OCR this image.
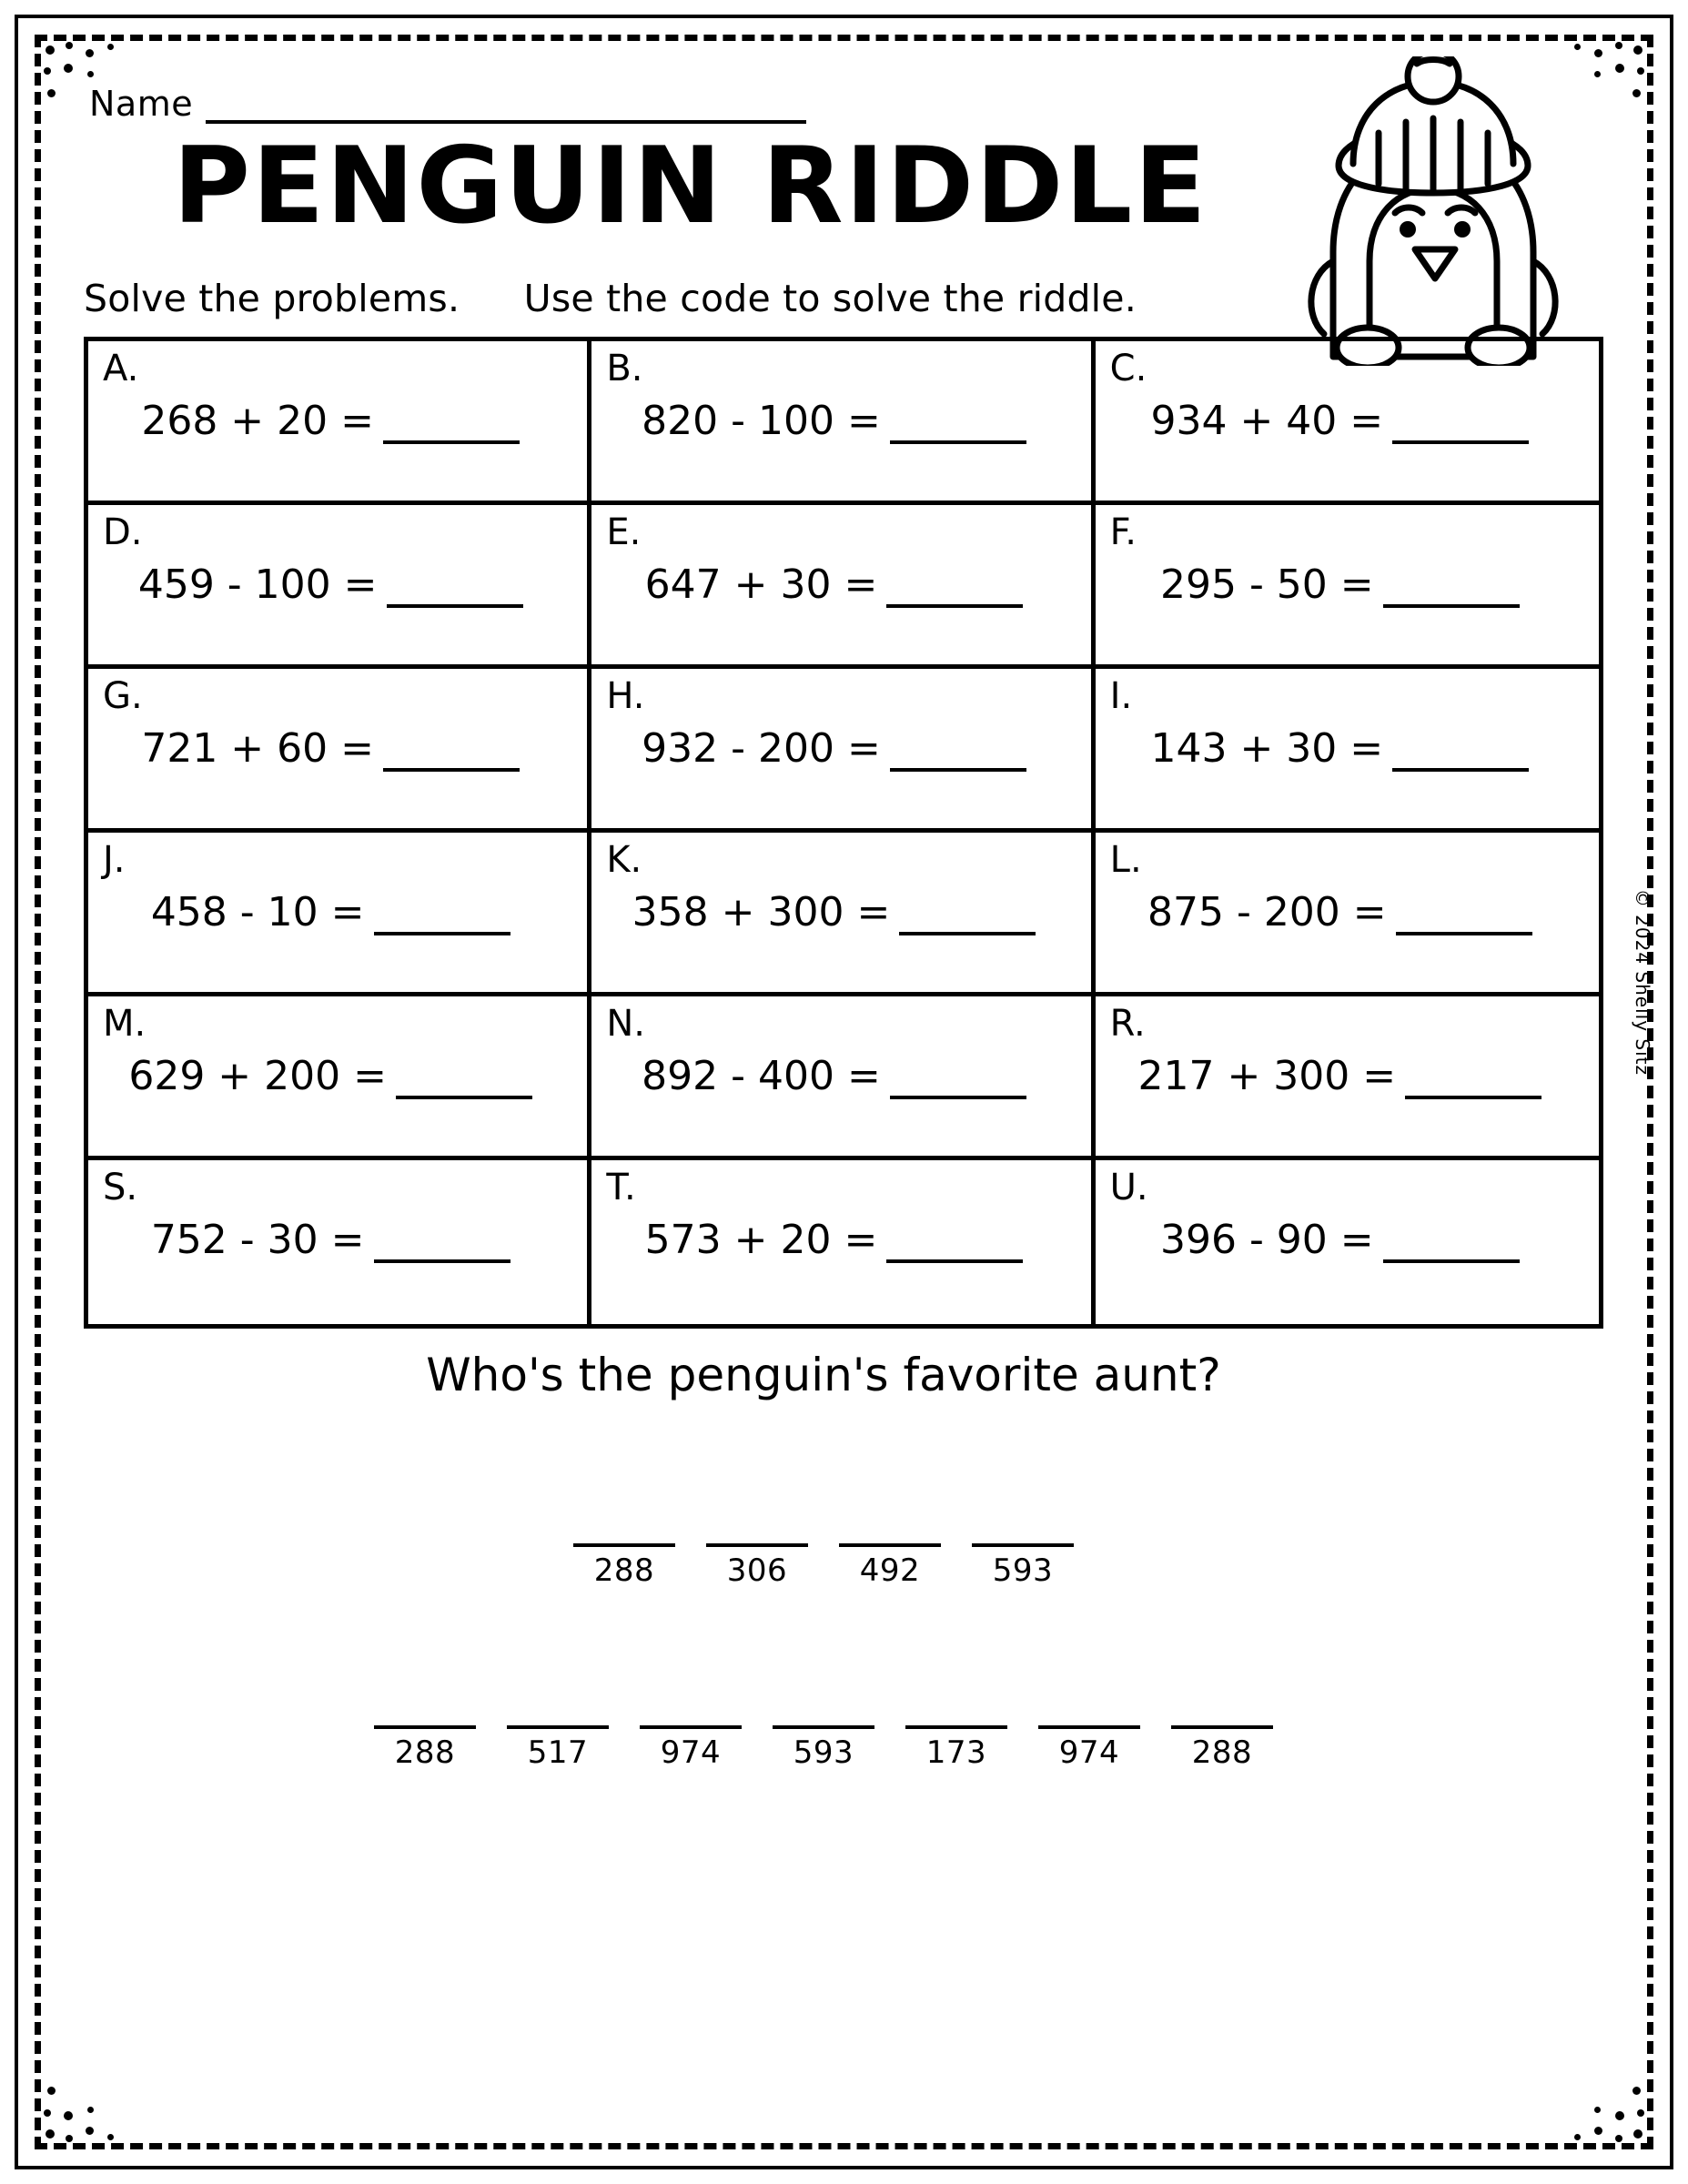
Name
PENGUIN RIDDLE
Solve the problems. Use the code to solve the riddle.
A.
268 + 20 =
B.
820 - 100 =
C.
934 + 40 =
D.
459 - 100 =
E.
647 + 30 =
F.
295 - 50 =
G.
721 + 60 =
H.
932 - 200 =
I.
143 + 30 =
J.
458 - 10 =
K.
358 + 300 =
L.
875 - 200 =
M.
629 + 200 =
N.
892 - 400 =
R.
217 + 300 =
S.
752 - 30 =
T.
573 + 20 =
U.
396 - 90 =
© 2024 Shelly Sitz
Who's the penguin's favorite aunt?
288 306 492 593
288 517 974 593 173 974 288
